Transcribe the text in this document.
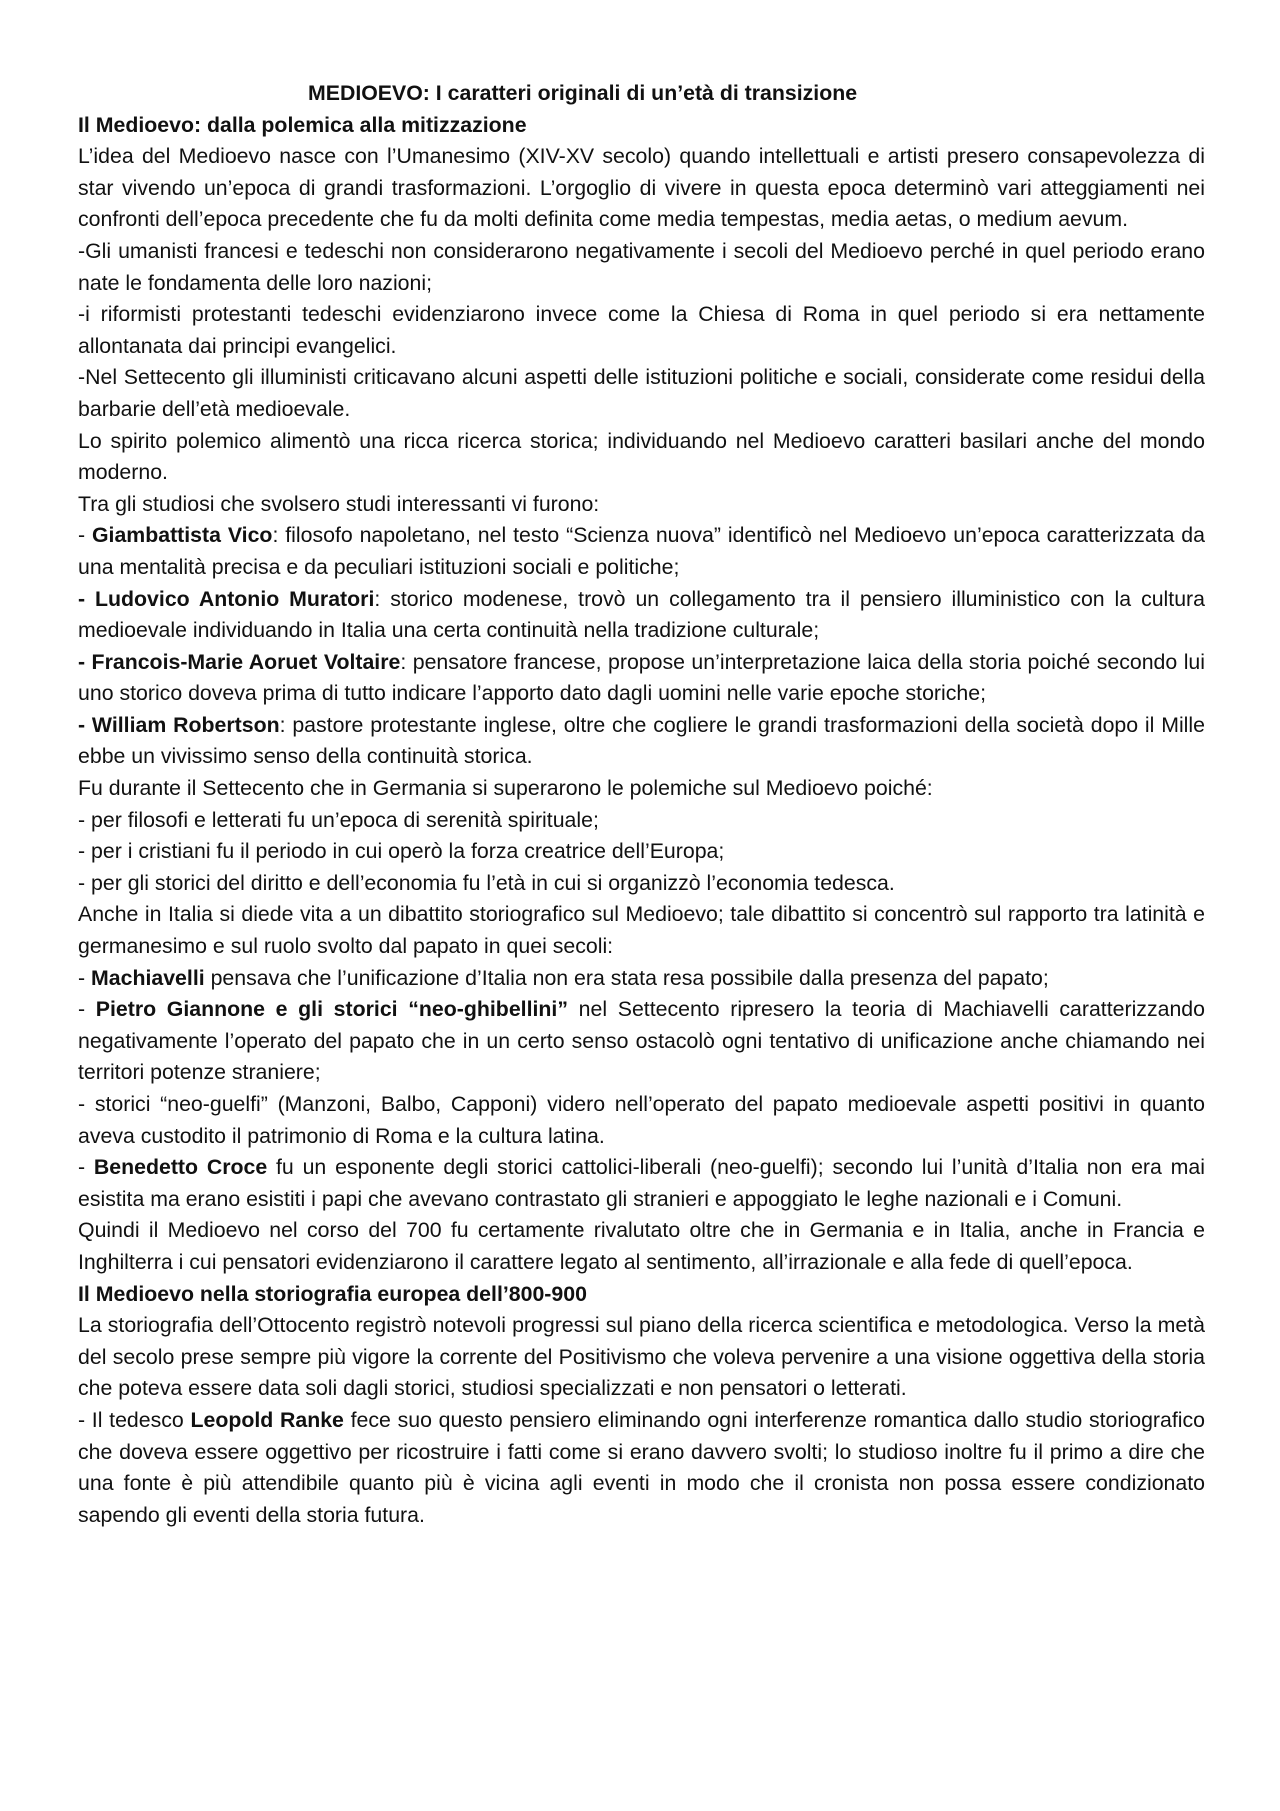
MEDIOEVO: I caratteri originali di un’età di transizione
Il Medioevo: dalla polemica alla mitizzazione

L’idea del Medioevo nasce con l’Umanesimo (XIV-XV secolo) quando intellettuali e artisti presero consapevolezza di star vivendo un’epoca di grandi trasformazioni. L’orgoglio di vivere in questa epoca determinò vari atteggiamenti nei confronti dell’epoca precedente che fu da molti definita come media tempestas, media aetas, o medium aevum.

-Gli umanisti francesi e tedeschi non considerarono negativamente i secoli del Medioevo perché in quel periodo erano nate le fondamenta delle loro nazioni;

-i riformisti protestanti tedeschi evidenziarono invece come la Chiesa di Roma in quel periodo si era nettamente allontanata dai principi evangelici.

-Nel Settecento gli illuministi criticavano alcuni aspetti delle istituzioni politiche e sociali, considerate come residui della barbarie dell’età medioevale.

Lo spirito polemico alimentò una ricca ricerca storica; individuando nel Medioevo caratteri basilari anche del mondo moderno.

Tra gli studiosi che svolsero studi interessanti vi furono:

- Giambattista Vico: filosofo napoletano, nel testo “Scienza nuova” identificò nel Medioevo un’epoca caratterizzata da una mentalità precisa e da peculiari istituzioni sociali e politiche;

- Ludovico Antonio Muratori: storico modenese, trovò un collegamento tra il pensiero illuministico con la cultura medioevale individuando in Italia una certa continuità nella tradizione culturale;

- Francois-Marie Aoruet Voltaire: pensatore francese, propose un’interpretazione laica della storia poiché secondo lui uno storico doveva prima di tutto indicare l’apporto dato dagli uomini nelle varie epoche storiche;

- William Robertson: pastore protestante inglese, oltre che cogliere le grandi trasformazioni della società dopo il Mille ebbe un vivissimo senso della continuità storica.

Fu durante il Settecento che in Germania si superarono le polemiche sul Medioevo poiché:

- per filosofi e letterati fu un’epoca di serenità spirituale;

- per i cristiani fu il periodo in cui operò la forza creatrice dell’Europa;

- per gli storici del diritto e dell’economia fu l’età in cui si organizzò l’economia tedesca.

Anche in Italia si diede vita a un dibattito storiografico sul Medioevo; tale dibattito si concentrò sul rapporto tra latinità e germanesimo e sul ruolo svolto dal papato in quei secoli:

- Machiavelli pensava che l’unificazione d’Italia non era stata resa possibile dalla presenza del papato;

- Pietro Giannone e gli storici “neo-ghibellini” nel Settecento ripresero la teoria di Machiavelli caratterizzando negativamente l’operato del papato che in un certo senso ostacolò ogni tentativo di unificazione anche chiamando nei territori potenze straniere;

- storici “neo-guelfi” (Manzoni, Balbo, Capponi) videro nell’operato del papato medioevale aspetti positivi in quanto aveva custodito il patrimonio di Roma e la cultura latina.

- Benedetto Croce fu un esponente degli storici cattolici-liberali (neo-guelfi); secondo lui l’unità d’Italia non era mai esistita ma erano esistiti i papi che avevano contrastato gli stranieri e appoggiato le leghe nazionali e i Comuni.

Quindi il Medioevo nel corso del 700 fu certamente rivalutato oltre che in Germania e in Italia, anche in Francia e Inghilterra i cui pensatori evidenziarono il carattere legato al sentimento, all’irrazionale e alla fede di quell’epoca.

Il Medioevo nella storiografia europea dell’800-900

La storiografia dell’Ottocento registrò notevoli progressi sul piano della ricerca scientifica e metodologica. Verso la metà del secolo prese sempre più vigore la corrente del Positivismo che voleva pervenire a una visione oggettiva della storia che poteva essere data soli dagli storici, studiosi specializzati e non pensatori o letterati.

- Il tedesco Leopold Ranke fece suo questo pensiero eliminando ogni interferenze romantica dallo studio storiografico che doveva essere oggettivo per ricostruire i fatti come si erano davvero svolti; lo studioso inoltre fu il primo a dire che una fonte è più attendibile quanto più è vicina agli eventi in modo che il cronista non possa essere condizionato sapendo gli eventi della storia futura.
